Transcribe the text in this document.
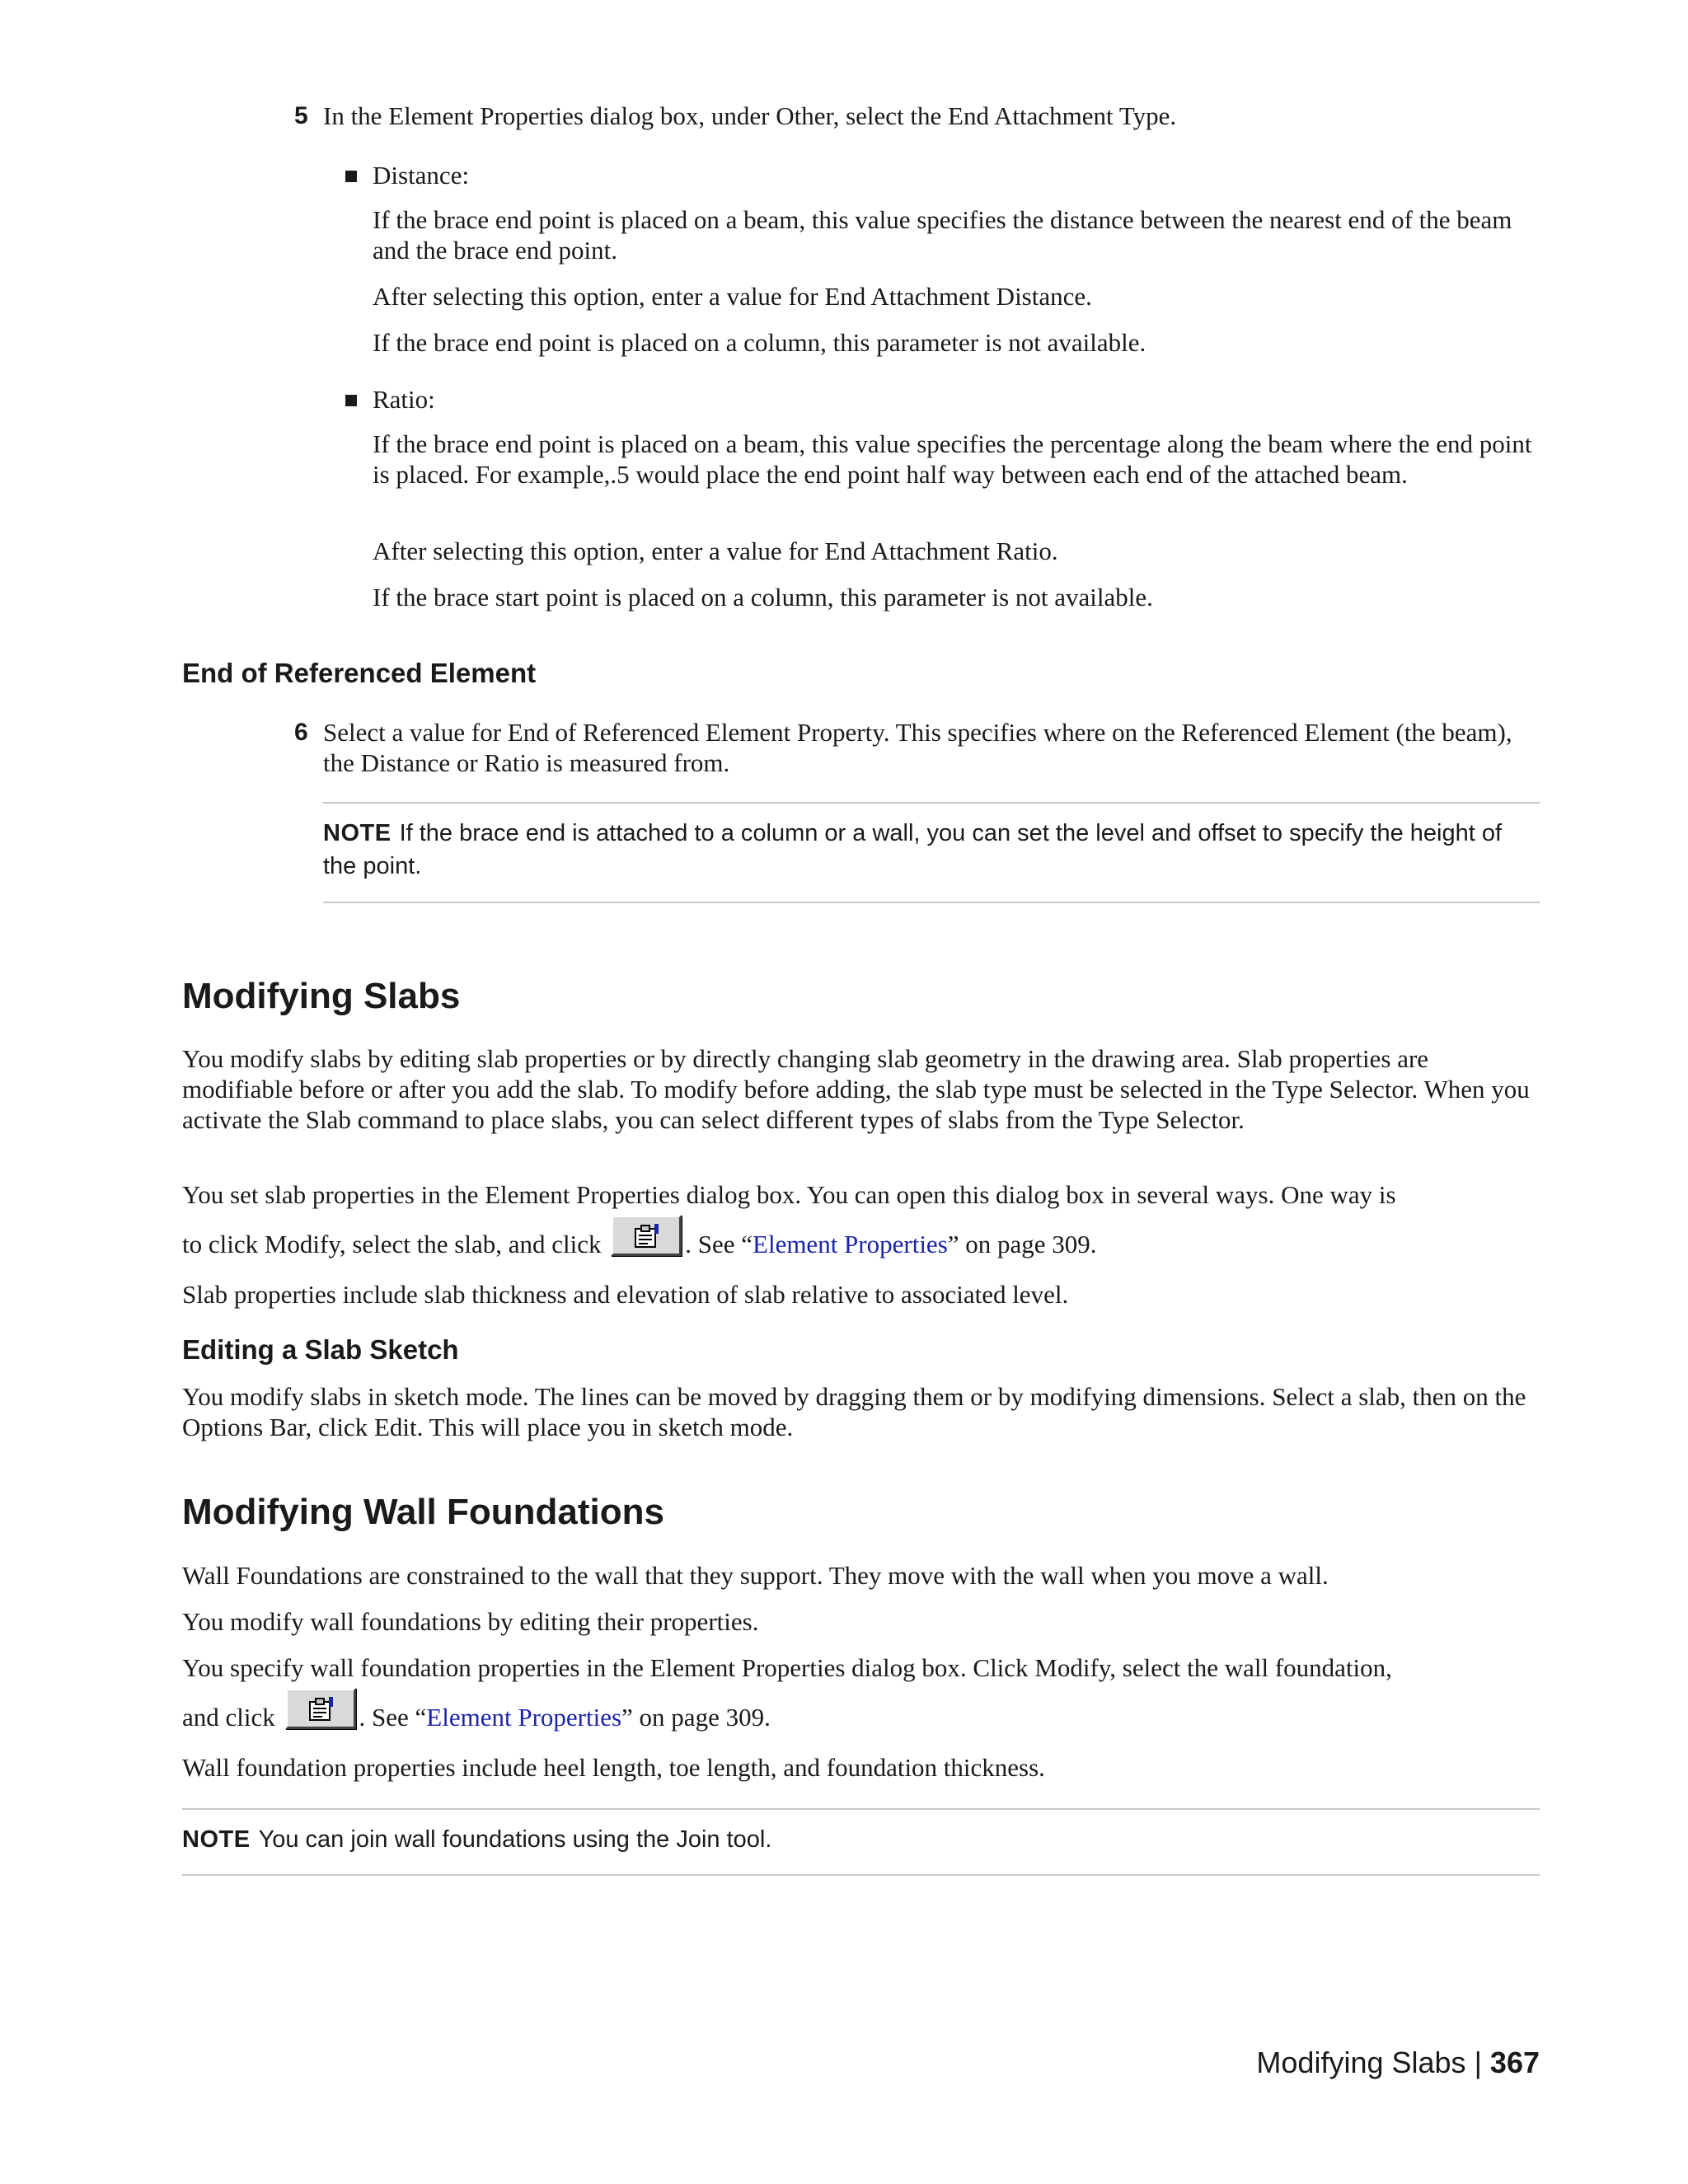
5 In the Element Properties dialog box, under Other, select the End Attachment Type.
Distance:
If the brace end point is placed on a beam, this value specifies the distance between the nearest end of the beam and the brace end point.
After selecting this option, enter a value for End Attachment Distance.
If the brace end point is placed on a column, this parameter is not available.
Ratio:
If the brace end point is placed on a beam, this value specifies the percentage along the beam where the end point is placed. For example,.5 would place the end point half way between each end of the attached beam.
After selecting this option, enter a value for End Attachment Ratio.
If the brace start point is placed on a column, this parameter is not available.
End of Referenced Element
6 Select a value for End of Referenced Element Property. This specifies where on the Referenced Element (the beam), the Distance or Ratio is measured from.
NOTE If the brace end is attached to a column or a wall, you can set the level and offset to specify the height of the point.
Modifying Slabs
You modify slabs by editing slab properties or by directly changing slab geometry in the drawing area. Slab properties are modifiable before or after you add the slab. To modify before adding, the slab type must be selected in the Type Selector. When you activate the Slab command to place slabs, you can select different types of slabs from the Type Selector.
You set slab properties in the Element Properties dialog box. You can open this dialog box in several ways. One way is
to click Modify, select the slab, and click	. See “Element Properties” on page 309.
Slab properties include slab thickness and elevation of slab relative to associated level.
Editing a Slab Sketch
You modify slabs in sketch mode. The lines can be moved by dragging them or by modifying dimensions. Select a slab, then on the Options Bar, click Edit. This will place you in sketch mode.
Modifying Wall Foundations
Wall Foundations are constrained to the wall that they support. They move with the wall when you move a wall.
You modify wall foundations by editing their properties.
You specify wall foundation properties in the Element Properties dialog box. Click Modify, select the wall foundation,
and click	. See “Element Properties” on page 309.
Wall foundation properties include heel length, toe length, and foundation thickness.
NOTE You can join wall foundations using the Join tool.
Modifying Slabs | 367
